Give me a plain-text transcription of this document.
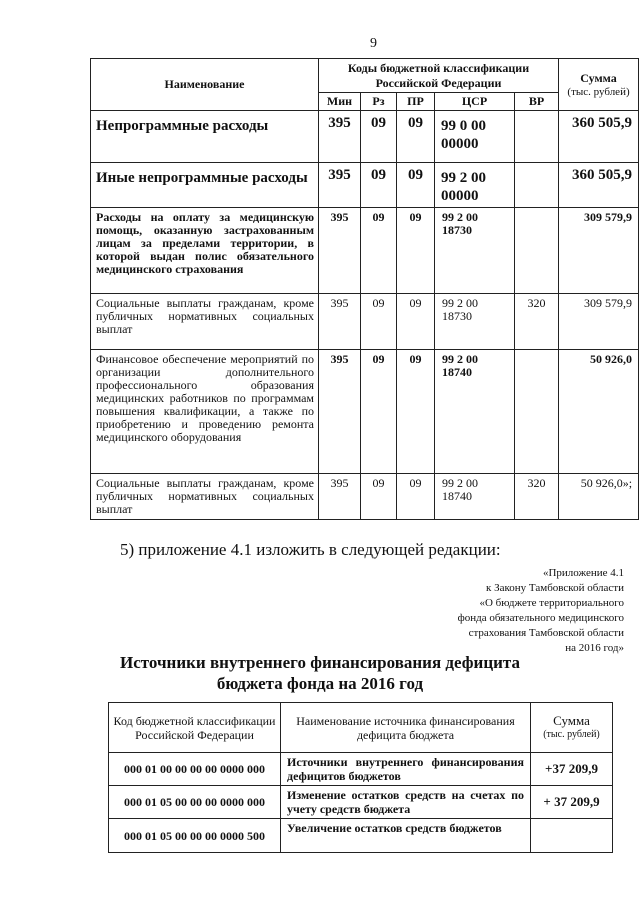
9
Наименование	Коды бюджетной классификации Российской Федерации					Сумма
(тыс. рублей)

	Мин	Рз	ПР	ЦСР	ВР	
Непрограммные расходы	395	09	09	99 0 00 00000		360 505,9
Иные непрограммные расходы	395	09	09	99 2 00 00000		360 505,9
Расходы на оплату за медицинскую помощь, оказанную застрахованным лицам за пределами территории, в которой выдан полис обязательного медицинского страхования	395	09	09	99 2 00 18730		309 579,9
Социальные выплаты гражданам, кроме публичных нормативных социальных выплат	395	09	09	99 2 00 18730	320	309 579,9
Финансовое обеспечение мероприятий по организации дополнительного профессионального образования медицинских работников по программам повышения квалификации, а также по приобретению и проведению ремонта медицинского оборудования	395	09	09	99 2 00 18740		50 926,0
Социальные выплаты гражданам, кроме публичных нормативных социальных выплат	395	09	09	99 2 00 18740	320	50 926,0»;
5) приложение 4.1 изложить в следующей редакции:
«Приложение 4.1
к Закону Тамбовской области
«О бюджете территориального
фонда обязательного медицинского
страхования Тамбовской области
на 2016 год»
Источники внутреннего финансирования дефицита
бюджета фонда на 2016 год
Код бюджетной классификации Российской Федерации	Наименование источника финансирования дефицита бюджета	Сумма
(тыс. рублей)

000 01 00 00 00 00 0000 000	Источники внутреннего финансирования дефицитов бюджетов	+37 209,9
000 01 05 00 00 00 0000 000	Изменение остатков средств на счетах по учету средств бюджета	+ 37 209,9
000 01 05 00 00 00 0000 500	Увеличение остатков средств бюджетов	
